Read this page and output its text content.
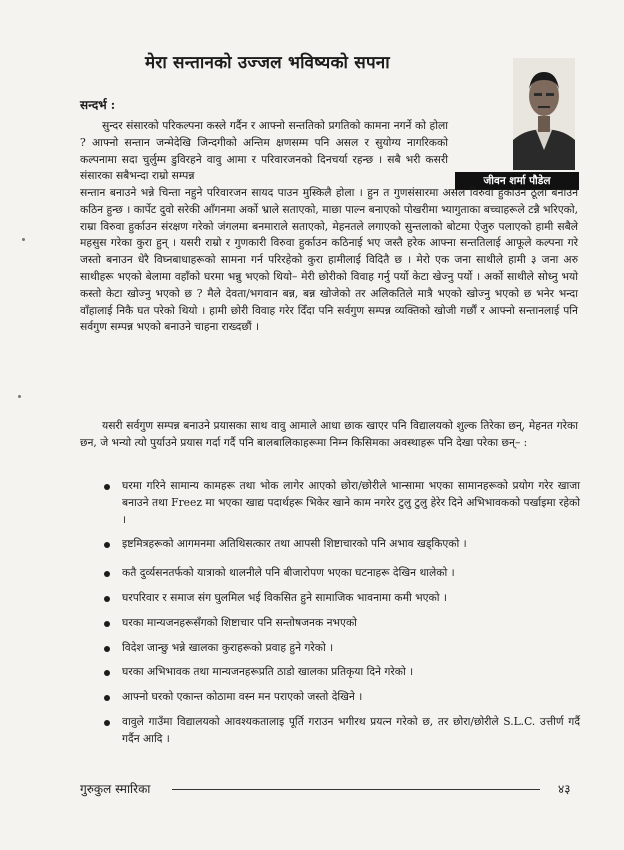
मेरा सन्तानको उज्जल भविष्यको सपना
सन्दर्भ :
जीवन शर्मा पौडेल

सुन्दर संसारको परिकल्पना कस्ले गर्दैन र आफ्नो सन्ततिको प्रगतिको कामना नगर्ने को होला ? आफ्नो सन्तान जन्मेदेखि जिन्दगीको अन्तिम क्षणसम्म पनि असल र सुयोग्य नागरिकको कल्पनामा सदा चुर्लुम्म डुविरहने वावु आमा र परिवारजनको दिनचर्या रहन्छ । सबै भरी कसरी संसारका सबैभन्दा राम्रो सम्पन्न

सन्तान बनाउने भन्ने चिन्ता नहुने परिवारजन सायद पाउन मुस्किलै होला । हुन त गुणसंसारमा असल विरुवा हुर्काउन ठूलो बनाउन कठिन हुन्छ । कार्पेट दुवो सरेकी आँगनमा अर्को भ्राले सताएको, माछा पाल्न बनाएको पोखरीमा भ्यागुताका बच्चाहरूले टन्नै भरिएको, राम्रा विरुवा हुर्काउन संरक्षण गरेको जंगलमा बनमाराले सताएको, मेहनतले लगाएको सुन्तलाको बोटमा ऐजुरु पलाएको हामी सबैले महसुस गरेका कुरा हुन् । यसरी राम्रो र गुणकारी विरुवा हुर्काउन कठिनाई भए जस्तै हरेक आफ्ना सन्ततिलाई आफूले कल्पना गरे जस्तो बनाउन धेरै विघ्नबाधाहरूको सामना गर्न परिरहेको कुरा हामीलाई विदितै छ । मेरो एक जना साथीले हामी ३ जना अरु साथीहरू भएको बेलामा वहाँको घरमा भन्नु भएको थियो– मेरी छोरीको विवाह गर्नु पर्यो केटा खेज्नु पर्यो । अर्को साथीले सोध्नु भयो कस्तो केटा खोज्नु भएको छ ? मैले देवता/भगवान बन्न, बन्न खोजेको तर अलिकतिले मात्रै भएको खोज्नु भएको छ भनेर भन्दा वाँहालाई निकै घत परेको थियो । हामी छोरी विवाह गरेर दिँदा पनि सर्वगुण सम्पन्न व्यक्तिको खोजी गर्छौं र आफ्नो सन्तानलाई पनि सर्वगुण सम्पन्न भएको बनाउने चाहना राख्दछौं ।

यसरी सर्वगुण सम्पन्न बनाउने प्रयासका साथ वावु आमाले आधा छाक खाएर पनि विद्यालयको शुल्क तिरेका छन्, मेहनत गरेका छन, जे भन्यो त्यो पुर्याउने प्रयास गर्दा गर्दै पनि बालबालिकाहरूमा निम्न किसिमका अवस्थाहरू पनि देखा परेका छन्– :

घरमा गरिने सामान्य कामहरू तथा भोक लागेर आएको छोरा/छोरीले भान्सामा भएका सामानहरूको प्रयोग गरेर खाजा बनाउने तथा Freez मा भएका खाद्य पदार्थहरू भिकेर खाने काम नगरेर टुलु टुलु हेरेर दिने अभिभावकको पर्खाइमा रहेको ।
इष्टमित्रहरूको आगमनमा अतिथिसत्कार तथा आपसी शिष्टाचारको पनि अभाव खड्किएको ।
कतै दुर्व्यसनतर्फको यात्राको थालनीले पनि बीजारोपण भएका घटनाहरू देखिन थालेको ।
घरपरिवार र समाज संग घुलमिल भई विकसित हुने सामाजिक भावनामा कमी भएको ।
घरका मान्यजनहरूसँगको शिष्टाचार पनि सन्तोषजनक नभएको
विदेश जान्छु भन्ने खालका कुराहरूको प्रवाह हुने गरेको ।
घरका अभिभावक तथा मान्यजनहरूप्रति ठाडो खालका प्रतिकृया दिने गरेको ।
आफ्नो घरको एकान्त कोठामा वस्न मन पराएको जस्तो देखिने ।
वावुले गाउँमा विद्यालयको आवश्यकतालाइ पूर्ति गराउन भगीरथ प्रयत्न गरेको छ, तर छोरा/छोरीले S.L.C. उत्तीर्ण गर्दै गर्दैन आदि ।
गुरुकुल स्मारिका	४३
